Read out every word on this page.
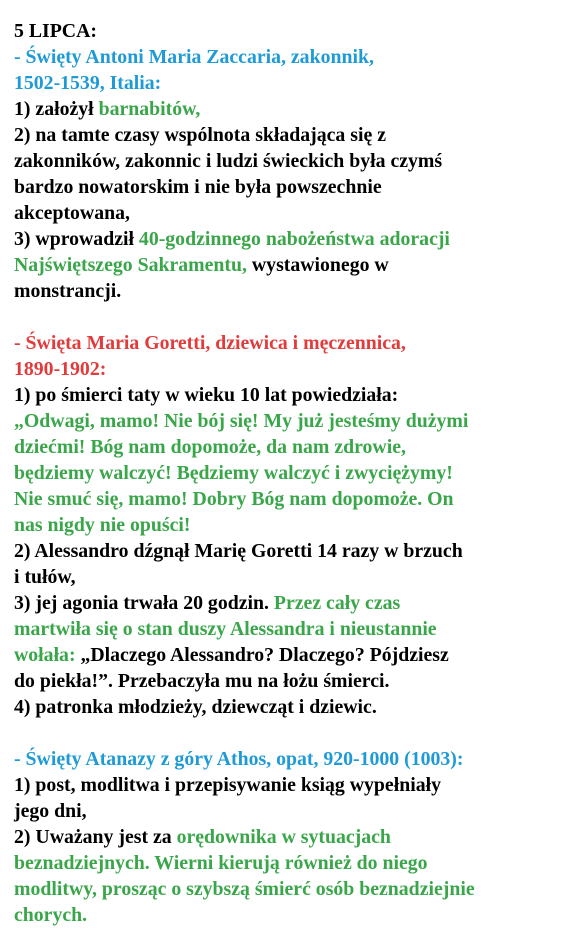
5 LIPCA:
- Święty Antoni Maria Zaccaria, zakonnik,
1502-1539, Italia:
1) założył barnabitów,
2) na tamte czasy wspólnota składająca się z
zakonników, zakonnic i ludzi świeckich była czymś
bardzo nowatorskim i nie była powszechnie
akceptowana,
3) wprowadził 40-godzinnego nabożeństwa adoracji
Najświętszego Sakramentu, wystawionego w
monstrancji.
- Święta Maria Goretti, dziewica i męczennica,
1890-1902:
1) po śmierci taty w wieku 10 lat powiedziała:
„Odwagi, mamo! Nie bój się! My już jesteśmy dużymi
dziećmi! Bóg nam dopomoże, da nam zdrowie,
będziemy walczyć! Będziemy walczyć i zwyciężymy!
Nie smuć się, mamo! Dobry Bóg nam dopomoże. On
nas nigdy nie opuści!
2) Alessandro dźgnął Marię Goretti 14 razy w brzuch
i tułów,
3) jej agonia trwała 20 godzin. Przez cały czas
martwiła się o stan duszy Alessandra i nieustannie
wołała: „Dlaczego Alessandro? Dlaczego? Pójdziesz
do piekła!”. Przebaczyła mu na łożu śmierci.
4) patronka młodzieży, dziewcząt i dziewic.
- Święty Atanazy z góry Athos, opat, 920-1000 (1003):
1) post, modlitwa i przepisywanie ksiąg wypełniały
jego dni,
2) Uważany jest za orędownika w sytuacjach
beznadziejnych. Wierni kierują również do niego
modlitwy, prosząc o szybszą śmierć osób beznadziejnie
chorych.
